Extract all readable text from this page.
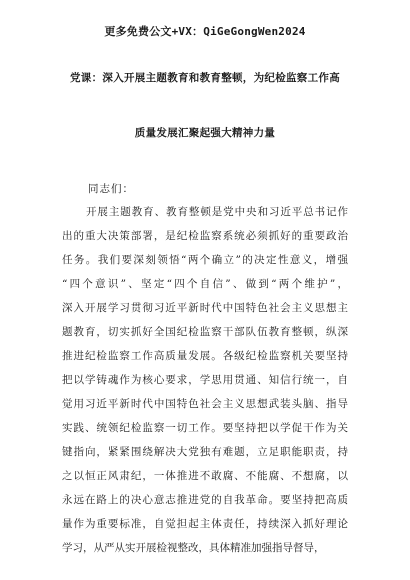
更多免费公文+VX：QiGeGongWen2024
党课：深入开展主题教育和教育整顿，为纪检监察工作高
质量发展汇聚起强大精神力量
同志们：
开展主题教育、教育整顿是党中央和习近平总书记作
出的重大决策部署，是纪检监察系统必须抓好的重要政治
任务。我们要深刻领悟“两个确立”的决定性意义，增强
“四个意识”、坚定“四个自信”、做到“两个维护”，
深入开展学习贯彻习近平新时代中国特色社会主义思想主
题教育，切实抓好全国纪检监察干部队伍教育整顿，纵深
推进纪检监察工作高质量发展。各级纪检监察机关要坚持
把以学铸魂作为核心要求，学思用贯通、知信行统一，自
觉用习近平新时代中国特色社会主义思想武装头脑、指导
实践、统领纪检监察一切工作。要坚持把以学促干作为关
键指向，紧紧围绕解决大党独有难题，立足职能职责，持
之以恒正风肃纪，一体推进不敢腐、不能腐、不想腐，以
永远在路上的决心意志推进党的自我革命。要坚持把高质
量作为重要标准，自觉担起主体责任，持续深入抓好理论
学习，从严从实开展检视整改，具体精准加强指导督导，
